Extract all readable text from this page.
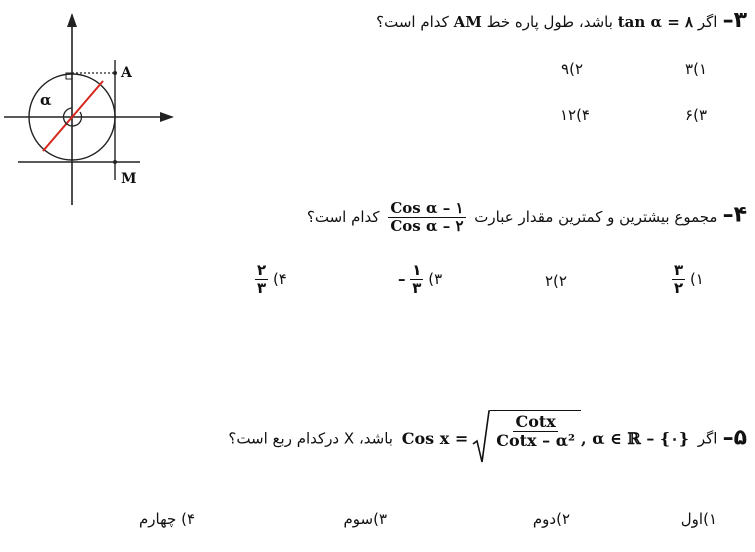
α
A
M
۳– اگر tan α = ۸ باشد، طول پاره خط AM کدام است؟
۳(۱
۹(۲
۶(۳
۱۲(۴
۴– مجموع بیشترین و کمترین مقدار عبارت
$\frac{\text{Cos α – ۱}}{\text{Cos α – ۲}}$
کدام است؟
۱)
$\frac{۳}{۲}$
۲(۲
۳)
$\frac{۱}{۳}$
–
۴)
$\frac{۲}{۳}$
۵– اگر
Cos $x = \frac{\text{Cotx}}{\text{Cotx – α²}}$ , α ∈ ℝ – {۰}
باشد، X درکدام ربع است؟
۱)اول
۲)دوم
۳)سوم
۴) چهارم
